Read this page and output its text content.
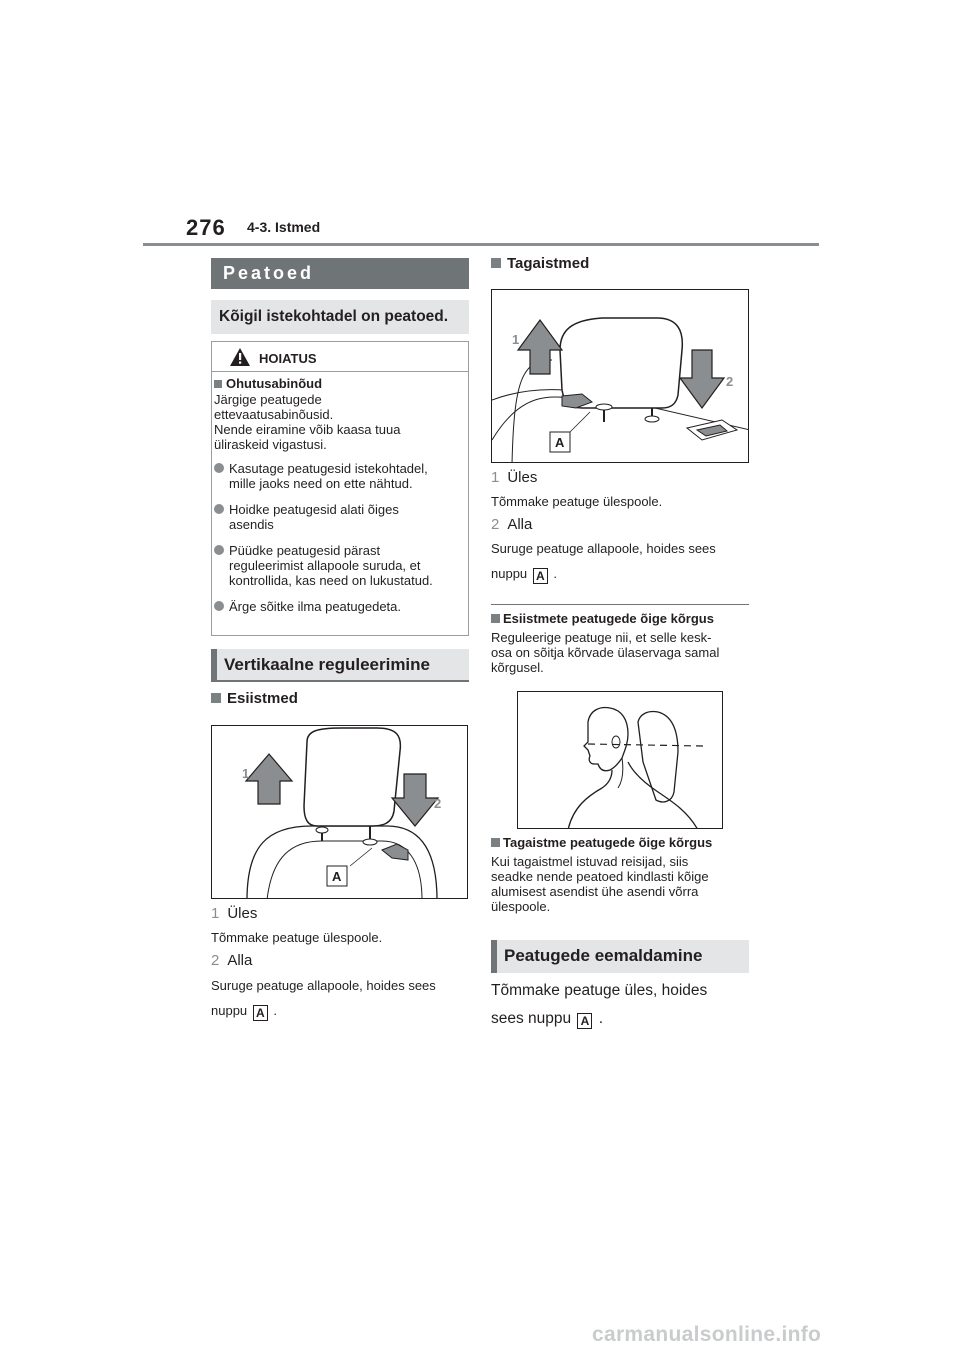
276 4-3. Istmed
Peatoed
Kõigil istekohtadel on peatoed.
HOIATUS
Ohutusabinõud
Järgige peatugede
ettevaatusabinõusid.
Nende eiramine võib kaasa tuua
üliraskeid vigastusi.
Kasutage peatugesid istekohtadel,
mille jaoks need on ette nähtud.
Hoidke peatugesid alati õiges
asendis
Püüdke peatugesid pärast
reguleerimist allapoole suruda, et
kontrollida, kas need on lukustatud.
Ärge sõitke ilma peatugedeta.
Vertikaalne reguleerimine
Esiistmed
1
2
A
1 Üles
Tõmmake peatuge ülespoole.
2 Alla
Suruge peatuge allapoole, hoides sees
nuppu A .
Tagaistmed
1
2
A
1 Üles
Tõmmake peatuge ülespoole.
2 Alla
Suruge peatuge allapoole, hoides sees
nuppu A .
Esiistmete peatugede õige kõrgus
Reguleerige peatuge nii, et selle kesk-
osa on sõitja kõrvade ülaservaga samal
kõrgusel.
Tagaistme peatugede õige kõrgus
Kui tagaistmel istuvad reisijad, siis
seadke nende peatoed kindlasti kõige
alumisest asendist ühe asendi võrra
ülespoole.
Peatugede eemaldamine
Tõmmake peatuge üles, hoides
sees nuppu A .
carmanualsonline.info
